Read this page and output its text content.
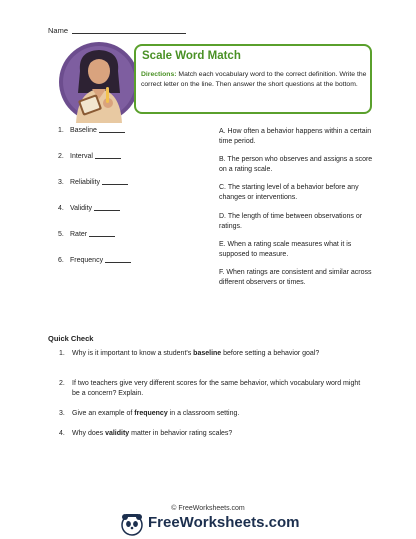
Name
Scale Word Match
Directions: Match each vocabulary word to the correct definition. Write the correct letter on the line. Then answer the short questions at the bottom.
1. Baseline
2. Interval
3. Reliability
4. Validity
5. Rater
6. Frequency
A. How often a behavior happens within a certain time period.
B. The person who observes and assigns a score on a rating scale.
C. The starting level of a behavior before any changes or interventions.
D. The length of time between observations or ratings.
E. When a rating scale measures what it is supposed to measure.
F. When ratings are consistent and similar across different observers or times.
Quick Check
1. Why is it important to know a student's baseline before setting a behavior goal?
2. If two teachers give very different scores for the same behavior, which vocabulary word might be a concern? Explain.
3. Give an example of frequency in a classroom setting.
4. Why does validity matter in behavior rating scales?
© FreeWorksheets.com
FreeWorksheets.com
